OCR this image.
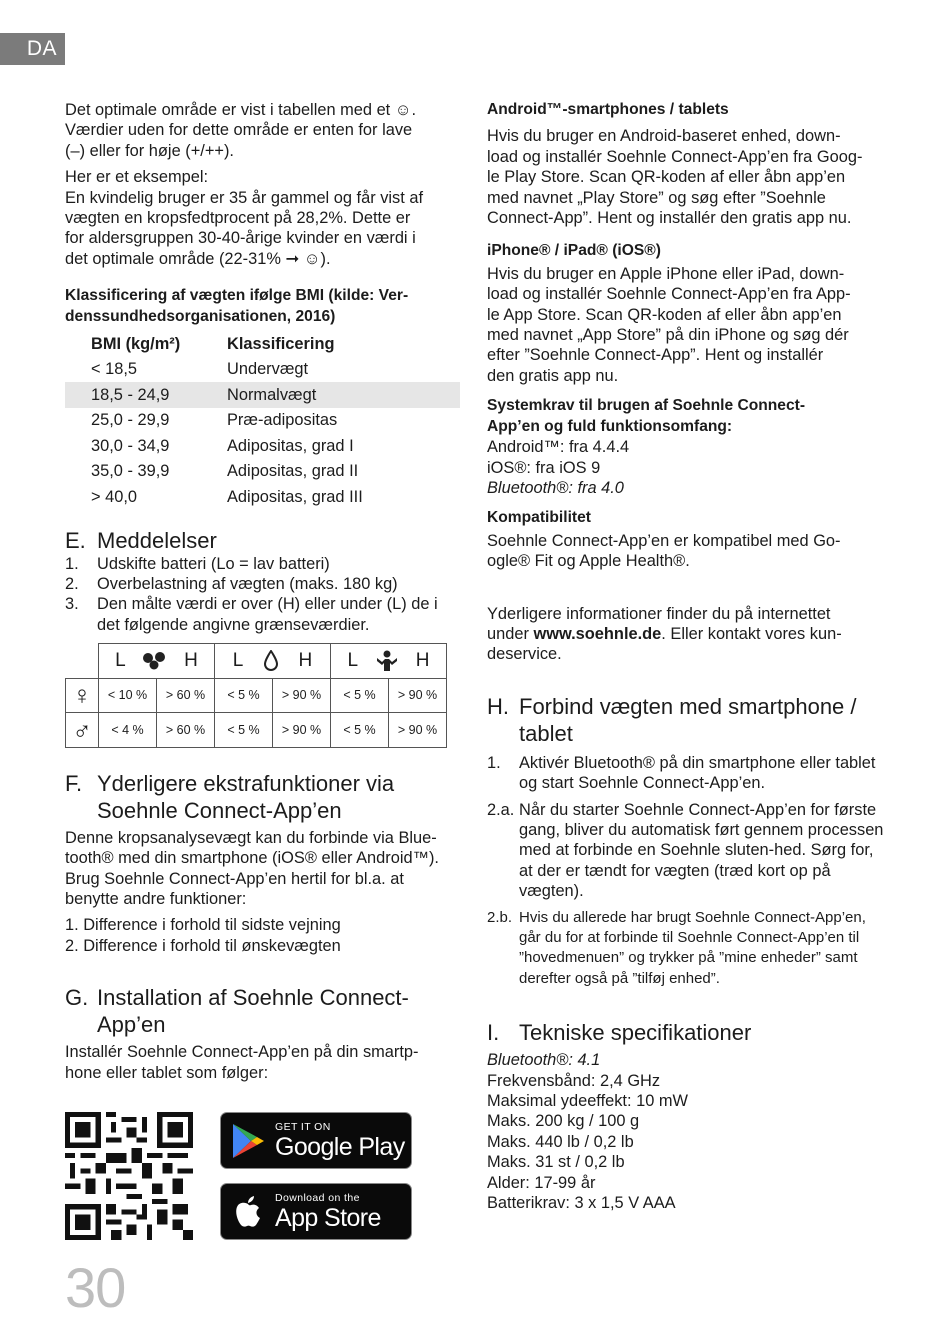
DA

Det optimale område er vist i tabellen med et ☺.

Værdier uden for dette område er enten for lave

(–) eller for høje (+/++).

Her er et eksempel:

En kvindelig bruger er 35 år gammel og får vist af

vægten en kropsfedtprocent på 28,2%. Dette er

for aldersgruppen 30-40-årige kvinder en værdi i

det optimale område (22-31% ➞ ☺).

Klassificering af vægten ifølge BMI (kilde: Ver-

denssundhedsorganisationen, 2016)

BMI (kg/m²)	Klassificering
< 18,5	Undervægt
18,5 - 24,9	Normalvægt
25,0 - 29,9	Præ-adipositas
30,0 - 34,9	Adipositas, grad I
35,0 - 39,9	Adipositas, grad II
> 40,0	Adipositas, grad III
E. Meddelelser
1.	Udskifte batteri (Lo = lav batteri)
2.	Overbelastning af vægten (maks. 180 kg)
3.	Den målte værdi er over (H) eller under (L) de i det følgende angivne grænseværdier.

	L H		L H		L H	

♀	< 10 %	> 60 %	< 5 %	> 90 %	< 5 %	> 90 %
♂	< 4 %	> 60 %	< 5 %	> 90 %	< 5 %	> 90 %
F. Yderligere ekstrafunktioner via
Soehnle Connect-App’en

Denne kropsanalysevægt kan du forbinde via Blue-

tooth® med din smartphone (iOS® eller Android™).

Brug Soehnle Connect-App’en hertil for bl.a. at

benytte andre funktioner:

1. Difference i forhold til sidste vejning

2. Difference i forhold til ønskevægten

G. Installation af Soehnle Connect-
App’en

Installér Soehnle Connect-App’en på din smartp-

hone eller tablet som følger:

GET IT ON
Google Play
Download on the
App Store
30

Android™-smartphones / tablets

Hvis du bruger en Android-baseret enhed, down-

load og installér Soehnle Connect-App’en fra Goog-

le Play Store. Scan QR-koden af eller åbn app’en

med navnet „Play Store” og søg efter ”Soehnle

Connect-App”. Hent og installér den gratis app nu.

iPhone® / iPad® (iOS®)

Hvis du bruger en Apple iPhone eller iPad, down-

load og installér Soehnle Connect-App’en fra App-

le App Store. Scan QR-koden af eller åbn app’en

med navnet „App Store” på din iPhone og søg dér

efter ”Soehnle Connect-App”. Hent og installér

den gratis app nu.

Systemkrav til brugen af Soehnle Connect-

App’en og fuld funktionsomfang:

Android™: fra 4.4.4

iOS®: fra iOS 9

Bluetooth®: fra 4.0

Kompatibilitet

Soehnle Connect-App’en er kompatibel med Go-

ogle® Fit og Apple Health®.

Yderligere informationer finder du på internettet

under www.soehnle.de. Eller kontakt vores kun-

deservice.

H. Forbind vægten med smartphone /
tablet
1.	Aktivér Bluetooth® på din smartphone eller tablet og start Soehnle Connect-App’en.
2.a. Når du starter Soehnle Connect-App’en for første gang, bliver du automatisk ført gennem processen med at forbinde en Soehnle sluten-hed. Sørg for, at der er tændt for vægten (træd kort op på vægten).
2.b. Hvis du allerede har brugt Soehnle Connect-App’en, går du for at forbinde til Soehnle Connect-App’en til ”hovedmenuen” og trykker på ”mine enheder” samt derefter også på ”tilføj enhed”.
I. Tekniske specifikationer

Bluetooth®: 4.1

Frekvensbånd: 2,4 GHz

Maksimal ydeeffekt: 10 mW

Maks. 200 kg / 100 g

Maks. 440 lb / 0,2 lb

Maks. 31 st / 0,2 lb

Alder: 17-99 år

Batterikrav: 3 x 1,5 V AAA
